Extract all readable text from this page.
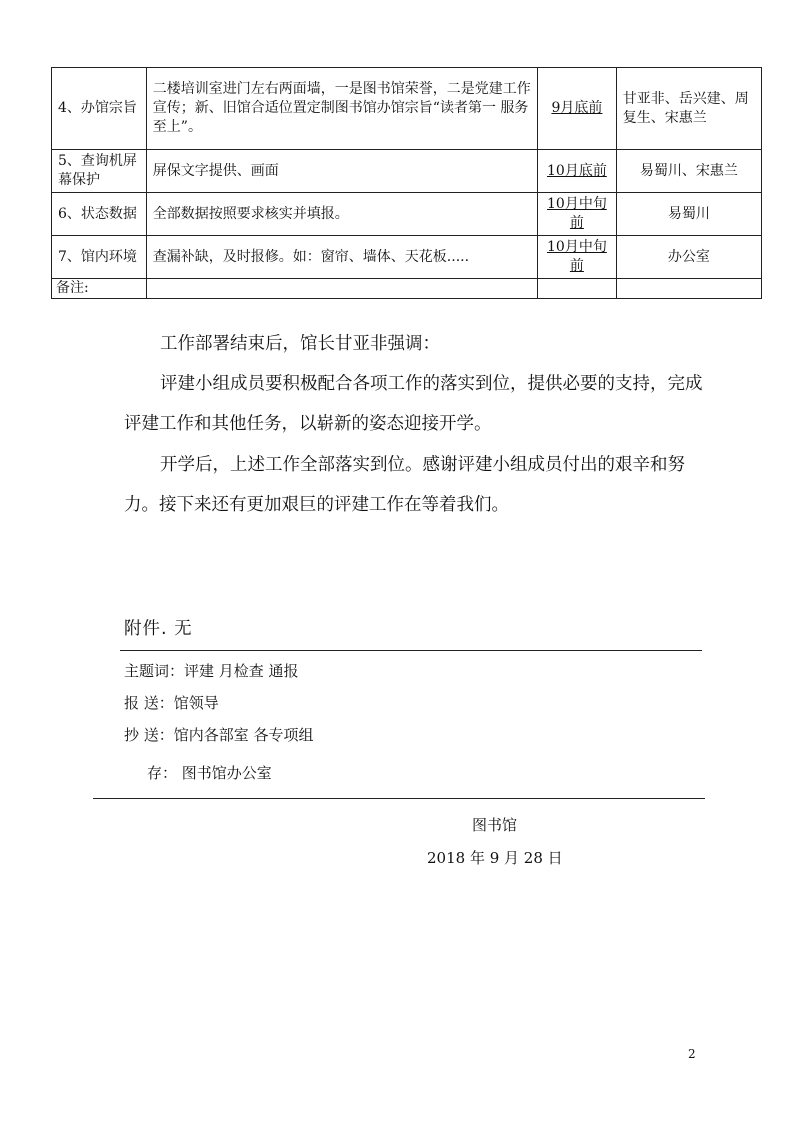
4、办馆宗旨	二楼培训室进门左右两面墙，一是图书馆荣誉，二是党建工作宣传；新、旧馆合适位置定制图书馆办馆宗旨“读者第一 服务至上”。	9月底前	甘亚非、岳兴建、周复生、宋惠兰
5、查询机屏幕保护	屏保文字提供、画面	10月底前	易蜀川、宋惠兰
6、状态数据	全部数据按照要求核实并填报。	10月中旬前	易蜀川
7、馆内环境	查漏补缺，及时报修。如：窗帘、墙体、天花板.....	10月中旬前	办公室
备注:			
工作部署结束后，馆长甘亚非强调：
评建小组成员要积极配合各项工作的落实到位，提供必要的支持，完成评建工作和其他任务，以崭新的姿态迎接开学。
开学后，上述工作全部落实到位。感谢评建小组成员付出的艰辛和努力。接下来还有更加艰巨的评建工作在等着我们。
附件. 无
主题词：评建 月检查 通报
报 送：馆领导
抄 送：馆内各部室 各专项组
存： 图书馆办公室
图书馆
2018 年 9 月 28 日
2
